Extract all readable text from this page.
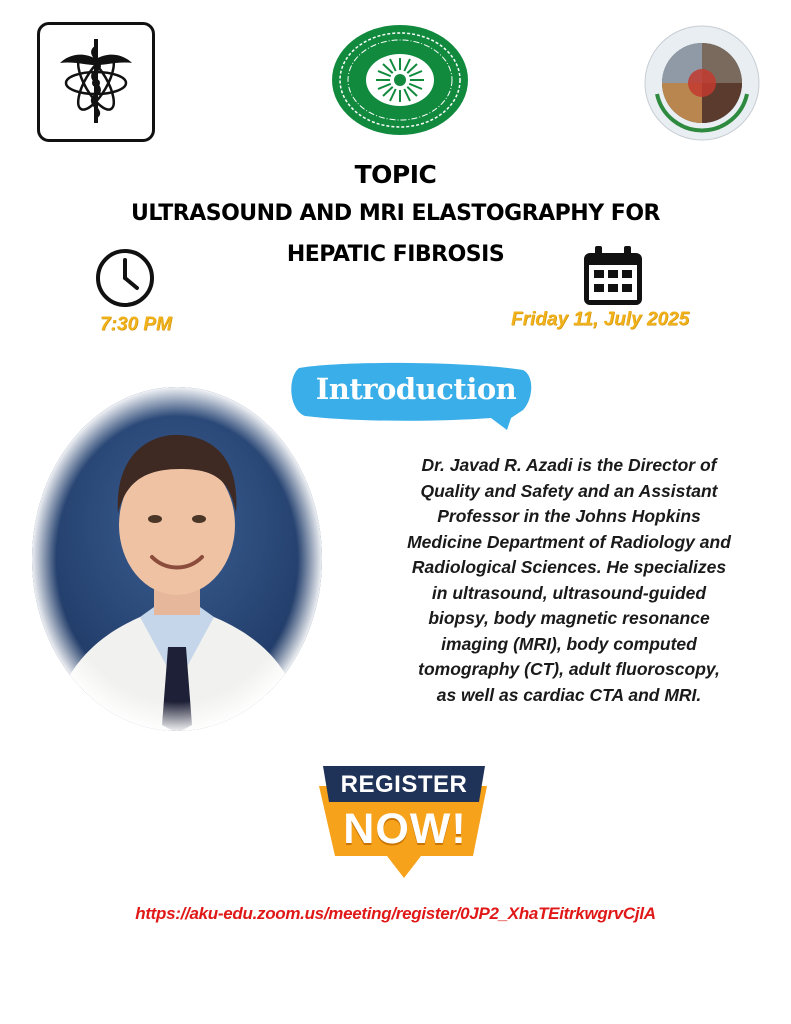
TOPIC
ULTRASOUND AND MRI ELASTOGRAPHY FOR
HEPATIC FIBROSIS
7:30 PM	Friday 11, July 2025
Introduction
Dr. Javad R. Azadi is the Director of
Quality and Safety and an Assistant
Professor in the Johns Hopkins
Medicine Department of Radiology and
Radiological Sciences. He specializes
in ultrasound, ultrasound-guided
biopsy, body magnetic resonance
imaging (MRI), body computed
tomography (CT), adult fluoroscopy,
as well as cardiac CTA and MRI.
REGISTER
NOW!
https://aku-edu.zoom.us/meeting/register/0JP2_XhaTEitrkwgrvCjlA
